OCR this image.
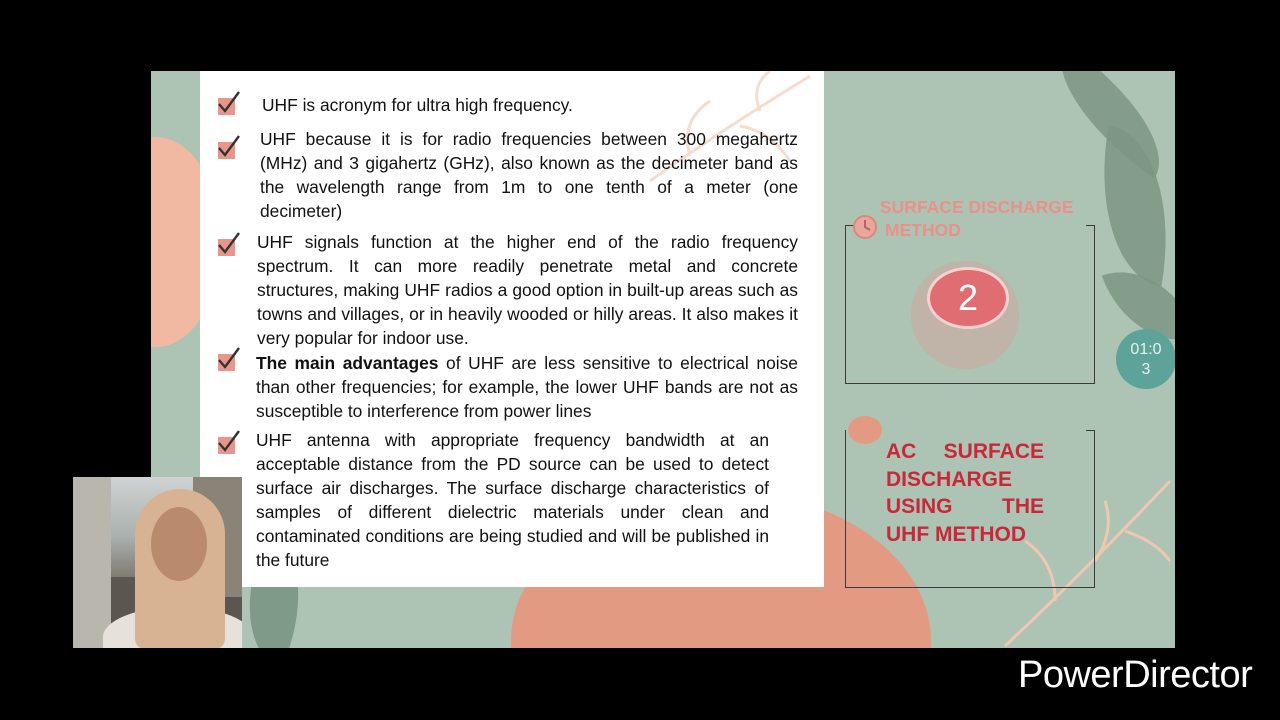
UHF is acronym for ultra high frequency.
UHF because it is for radio frequencies between 300 megahertz (MHz) and 3 gigahertz (GHz), also known as the decimeter band as the wavelength range from 1m to one tenth of a meter (one decimeter)
UHF signals function at the higher end of the radio frequency spectrum. It can more readily penetrate metal and concrete structures, making UHF radios a good option in built-up areas such as towns and villages, or in heavily wooded or hilly areas. It also makes it very popular for indoor use.
The main advantages of UHF are less sensitive to electrical noise than other frequencies; for example, the lower UHF bands are not as susceptible to interference from power lines
UHF antenna with appropriate frequency bandwidth at an acceptable distance from the PD source can be used to detect surface air discharges. The surface discharge characteristics of samples of different dielectric materials under clean and contaminated conditions are being studied and will be published in the future
SURFACE DISCHARGE
METHOD
2
01:0
3
AC SURFACE
DISCHARGE
USING THE
UHF METHOD
PowerDirector
